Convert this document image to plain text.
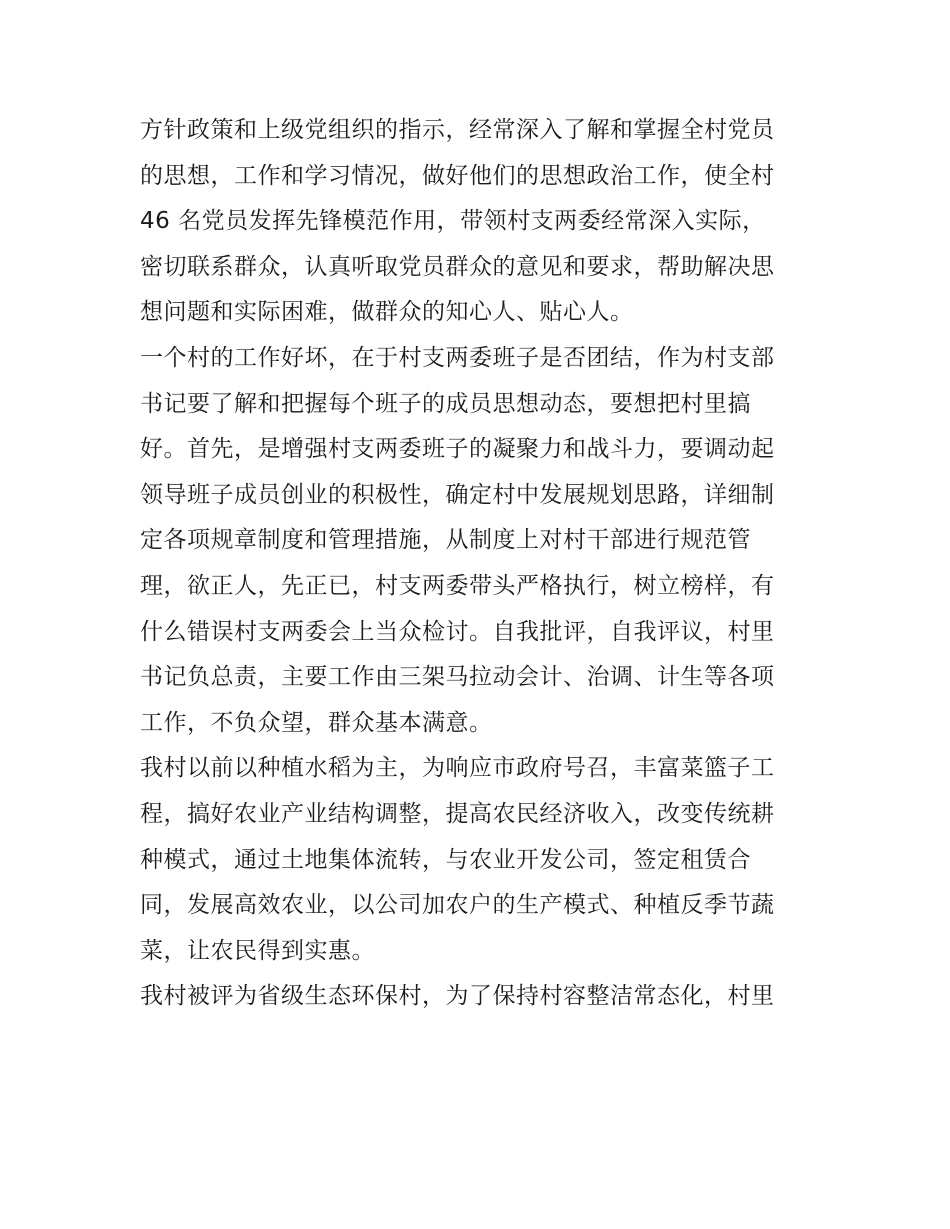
方针政策和上级党组织的指示，经常深入了解和掌握全村党员
的思想，工作和学习情况，做好他们的思想政治工作，使全村
46 名党员发挥先锋模范作用，带领村支两委经常深入实际，
密切联系群众，认真听取党员群众的意见和要求，帮助解决思
想问题和实际困难，做群众的知心人、贴心人。
一个村的工作好坏，在于村支两委班子是否团结，作为村支部
书记要了解和把握每个班子的成员思想动态，要想把村里搞
好。首先，是增强村支两委班子的凝聚力和战斗力，要调动起
领导班子成员创业的积极性，确定村中发展规划思路，详细制
定各项规章制度和管理措施，从制度上对村干部进行规范管
理，欲正人，先正已，村支两委带头严格执行，树立榜样，有
什么错误村支两委会上当众检讨。自我批评，自我评议，村里
书记负总责，主要工作由三架马拉动会计、治调、计生等各项
工作，不负众望，群众基本满意。
我村以前以种植水稻为主，为响应市政府号召，丰富菜篮子工
程，搞好农业产业结构调整，提高农民经济收入，改变传统耕
种模式，通过土地集体流转，与农业开发公司，签定租赁合
同，发展高效农业，以公司加农户的生产模式、种植反季节蔬
菜，让农民得到实惠。
我村被评为省级生态环保村，为了保持村容整洁常态化，村里
